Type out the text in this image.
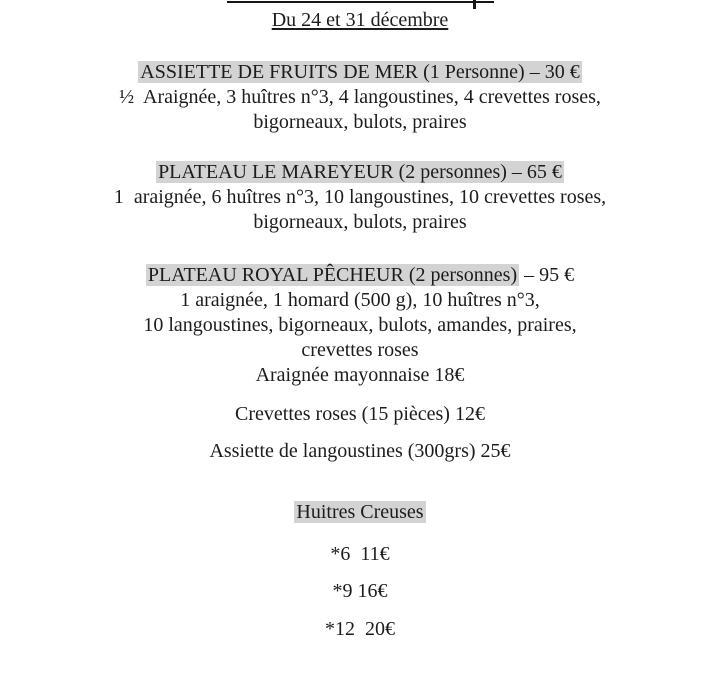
Du 24 et 31 décembre
ASSIETTE DE FRUITS DE MER (1 Personne) – 30 €
½  Araignée, 3 huîtres n°3, 4 langoustines, 4 crevettes roses,
bigorneaux, bulots, praires
PLATEAU LE MAREYEUR (2 personnes) – 65 €
1  araignée, 6 huîtres n°3, 10 langoustines, 10 crevettes roses,
bigorneaux, bulots, praires
PLATEAU ROYAL PÊCHEUR (2 personnes) – 95 €
1 araignée, 1 homard (500 g), 10 huîtres n°3,
10 langoustines, bigorneaux, bulots, amandes, praires,
crevettes roses
Araignée mayonnaise 18€
Crevettes roses (15 pièces) 12€
Assiette de langoustines (300grs) 25€
Huitres Creuses
*6  11€
*9 16€
*12  20€
